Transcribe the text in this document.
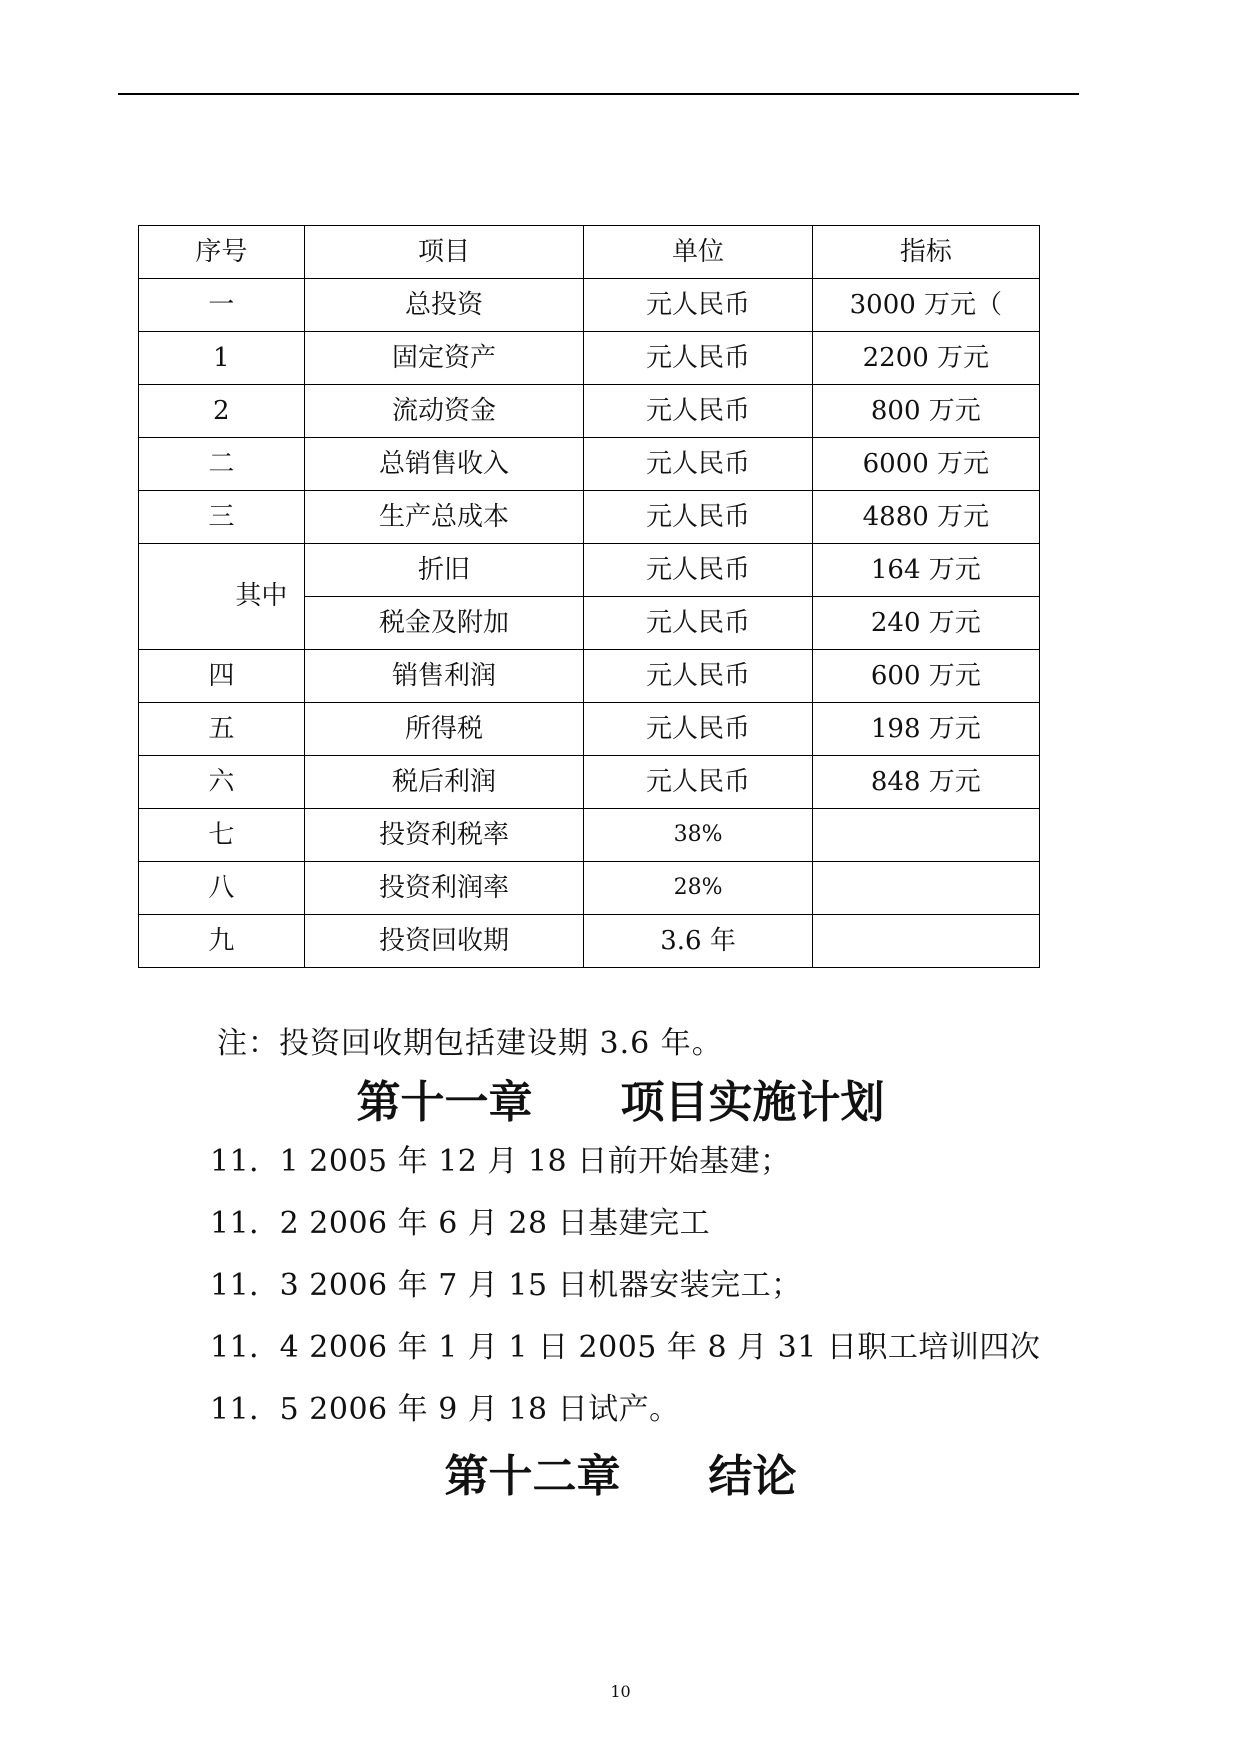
序号	项目	单位	指标
一	总投资	元人民币	3000 万元（
1	固定资产	元人民币	2200 万元
2	流动资金	元人民币	800 万元
二	总销售收入	元人民币	6000 万元
三	生产总成本	元人民币	4880 万元
其中	折旧	元人民币	164 万元
	税金及附加	元人民币	240 万元
四	销售利润	元人民币	600 万元
五	所得税	元人民币	198 万元
六	税后利润	元人民币	848 万元
七	投资利税率	38%	
八	投资利润率	28%	
九	投资回收期	3.6 年	
注：投资回收期包括建设期 3.6 年。
第十一章　　项目实施计划
11．1 2005 年 12 月 18 日前开始基建；
11．2 2006 年 6 月 28 日基建完工
11．3 2006 年 7 月 15 日机器安装完工；
11．4 2006 年 1 月 1 日 2005 年 8 月 31 日职工培训四次
11．5 2006 年 9 月 18 日试产。
第十二章　　结论
10
